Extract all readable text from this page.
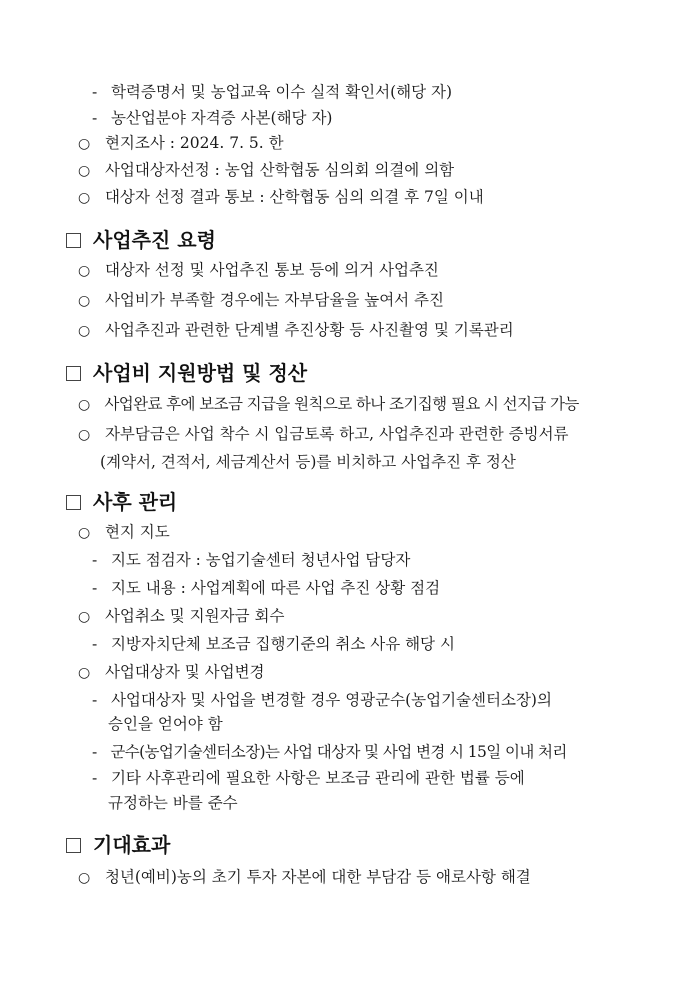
- 학력증명서 및 농업교육 이수 실적 확인서(해당 자)
- 농산업분야 자격증 사본(해당 자)
○ 현지조사 : 2024. 7. 5. 한
○ 사업대상자선정 : 농업 산학협동 심의회 의결에 의함
○ 대상자 선정 결과 통보 : 산학협동 심의 의결 후 7일 이내
사업추진 요령
○ 대상자 선정 및 사업추진 통보 등에 의거 사업추진
○ 사업비가 부족할 경우에는 자부담율을 높여서 추진
○ 사업추진과 관련한 단계별 추진상황 등 사진촬영 및 기록관리
사업비 지원방법 및 정산
○ 사업완료 후에 보조금 지급을 원칙으로 하나 조기집행 필요 시 선지급 가능
○ 자부담금은 사업 착수 시 입금토록 하고, 사업추진과 관련한 증빙서류
(계약서, 견적서, 세금계산서 등)를 비치하고 사업추진 후 정산
사후 관리
○ 현지 지도
- 지도 점검자 : 농업기술센터 청년사업 담당자
- 지도 내용 : 사업계획에 따른 사업 추진 상황 점검
○ 사업취소 및 지원자금 회수
- 지방자치단체 보조금 집행기준의 취소 사유 해당 시
○ 사업대상자 및 사업변경
- 사업대상자 및 사업을 변경할 경우 영광군수(농업기술센터소장)의
승인을 얻어야 함
- 군수(농업기술센터소장)는 사업 대상자 및 사업 변경 시 15일 이내 처리
- 기타 사후관리에 필요한 사항은 보조금 관리에 관한 법률 등에
규정하는 바를 준수
기대효과
○ 청년(예비)농의 초기 투자 자본에 대한 부담감 등 애로사항 해결
